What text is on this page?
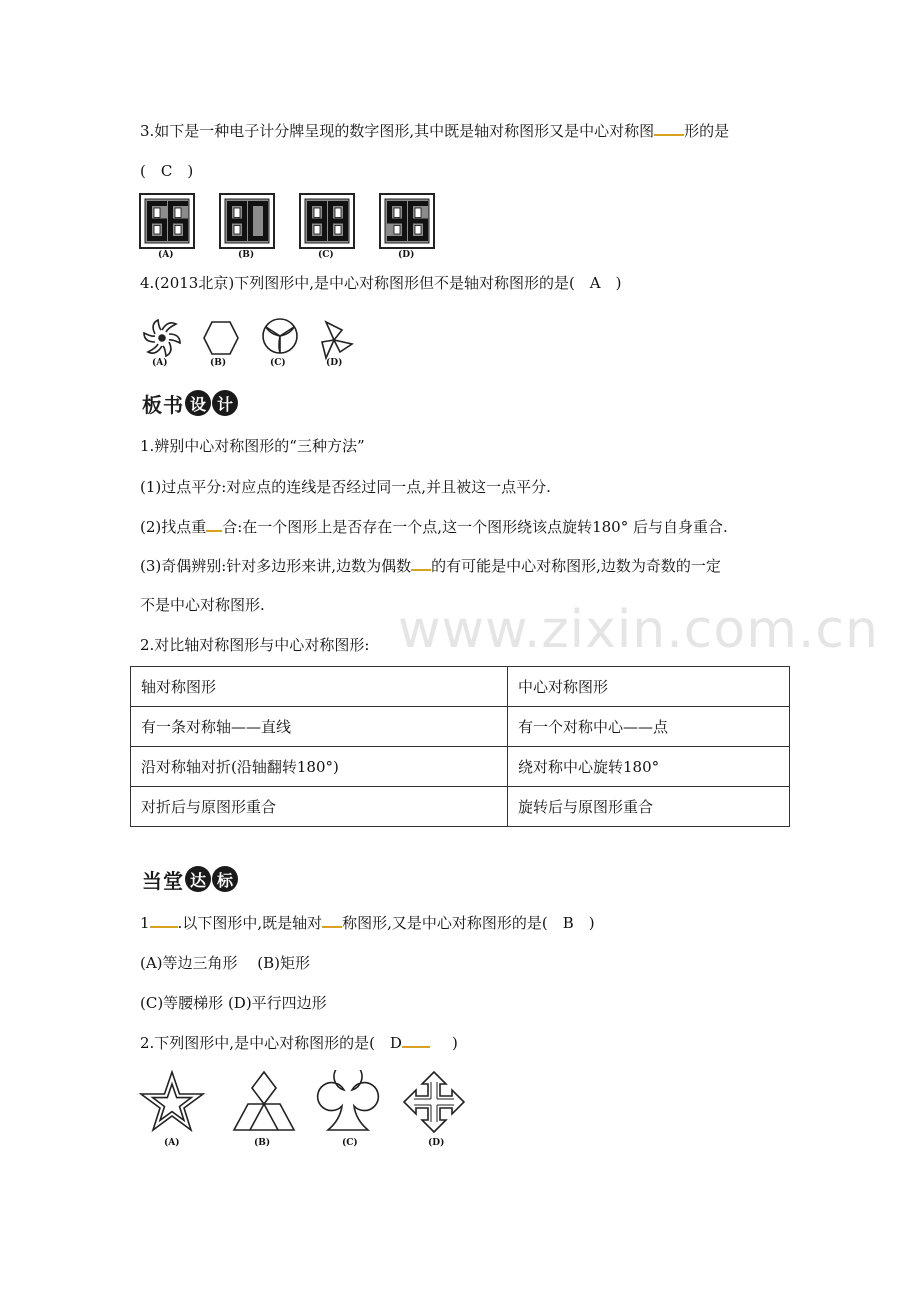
3.如下是一种电子计分牌呈现的数字图形,其中既是轴对称图形又是中心对称图 形的是
(　C　)
(A)	(B)	(C)	(D)
4.(2013北京)下列图形中,是中心对称图形但不是轴对称图形的是(　A　)
(A)	(B)	(C)	(D)
板书 设 计
1.辨别中心对称图形的“三种方法”
(1)过点平分:对应点的连线是否经过同一点,并且被这一点平分.
(2)找点重 合:在一个图形上是否存在一个点,这一个图形绕该点旋转180° 后与自身重合.
(3)奇偶辨别:针对多边形来讲,边数为偶数 的有可能是中心对称图形,边数为奇数的一定
不是中心对称图形.	www.zixin.com.cn
2.对比轴对称图形与中心对称图形:
轴对称图形	中心对称图形
有一条对称轴——直线	有一个对称中心——点
沿对称轴对折(沿轴翻转180°)	绕对称中心旋转180°
对折后与原图形重合	旋转后与原图形重合
当堂 达 标
1 .以下图形中,既是轴对 称图形,又是中心对称图形的是(　B　)
(A)等边三角形　 (B)矩形
(C)等腰梯形 (D)平行四边形
2.下列图形中,是中心对称图形的是(　D	)
(A)	(B)	(C)	(D)
